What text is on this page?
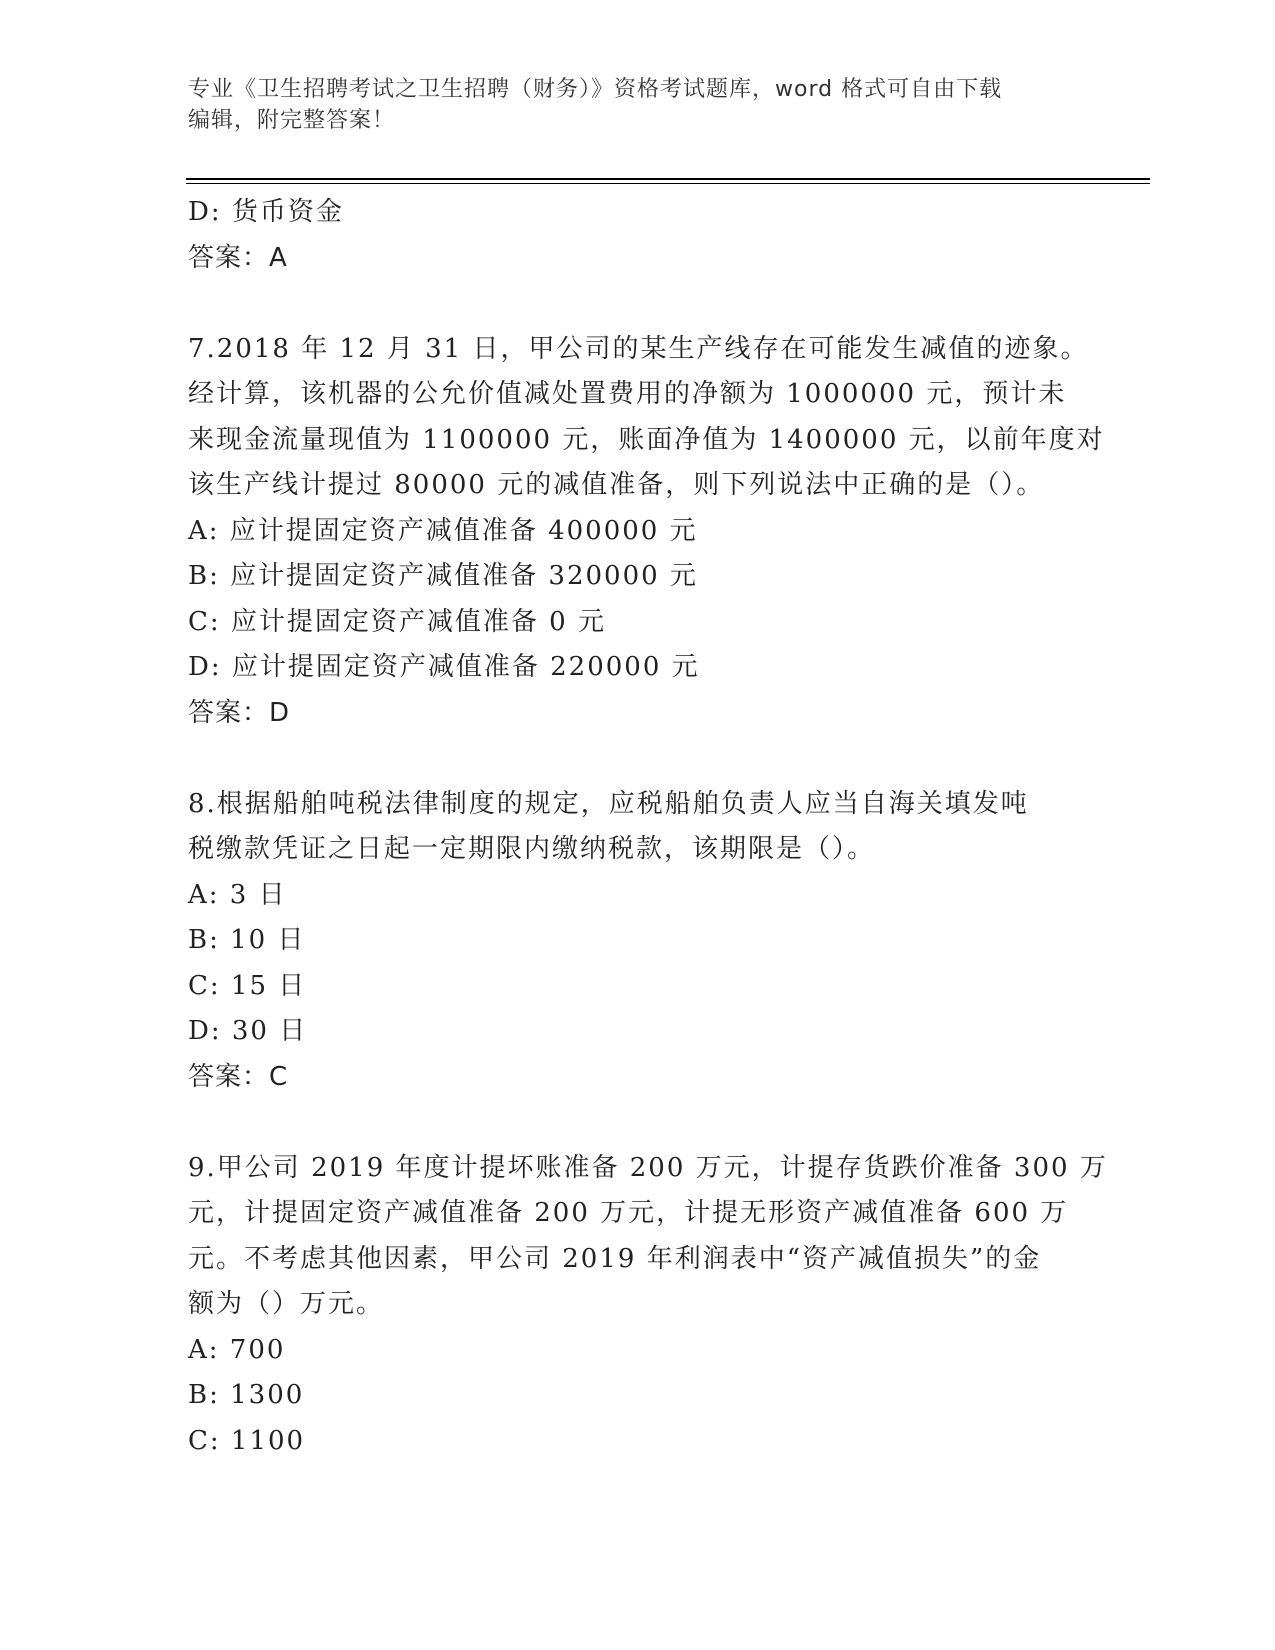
专业《卫生招聘考试之卫生招聘（财务）》资格考试题库，word 格式可自由下载
编辑，附完整答案！
D: 货币资金
答案：A
7.2018 年 12 月 31 日，甲公司的某生产线存在可能发生减值的迹象。
经计算，该机器的公允价值减处置费用的净额为 1000000 元，预计未
来现金流量现值为 1100000 元，账面净值为 1400000 元，以前年度对
该生产线计提过 80000 元的减值准备，则下列说法中正确的是（）。
A: 应计提固定资产减值准备 400000 元
B: 应计提固定资产减值准备 320000 元
C: 应计提固定资产减值准备 0 元
D: 应计提固定资产减值准备 220000 元
答案：D
8.根据船舶吨税法律制度的规定，应税船舶负责人应当自海关填发吨
税缴款凭证之日起一定期限内缴纳税款，该期限是（）。
A: 3 日
B: 10 日
C: 15 日
D: 30 日
答案：C
9.甲公司 2019 年度计提坏账准备 200 万元，计提存货跌价准备 300 万
元，计提固定资产减值准备 200 万元，计提无形资产减值准备 600 万
元。不考虑其他因素，甲公司 2019 年利润表中“资产减值损失”的金
额为（）万元。
A: 700
B: 1300
C: 1100
